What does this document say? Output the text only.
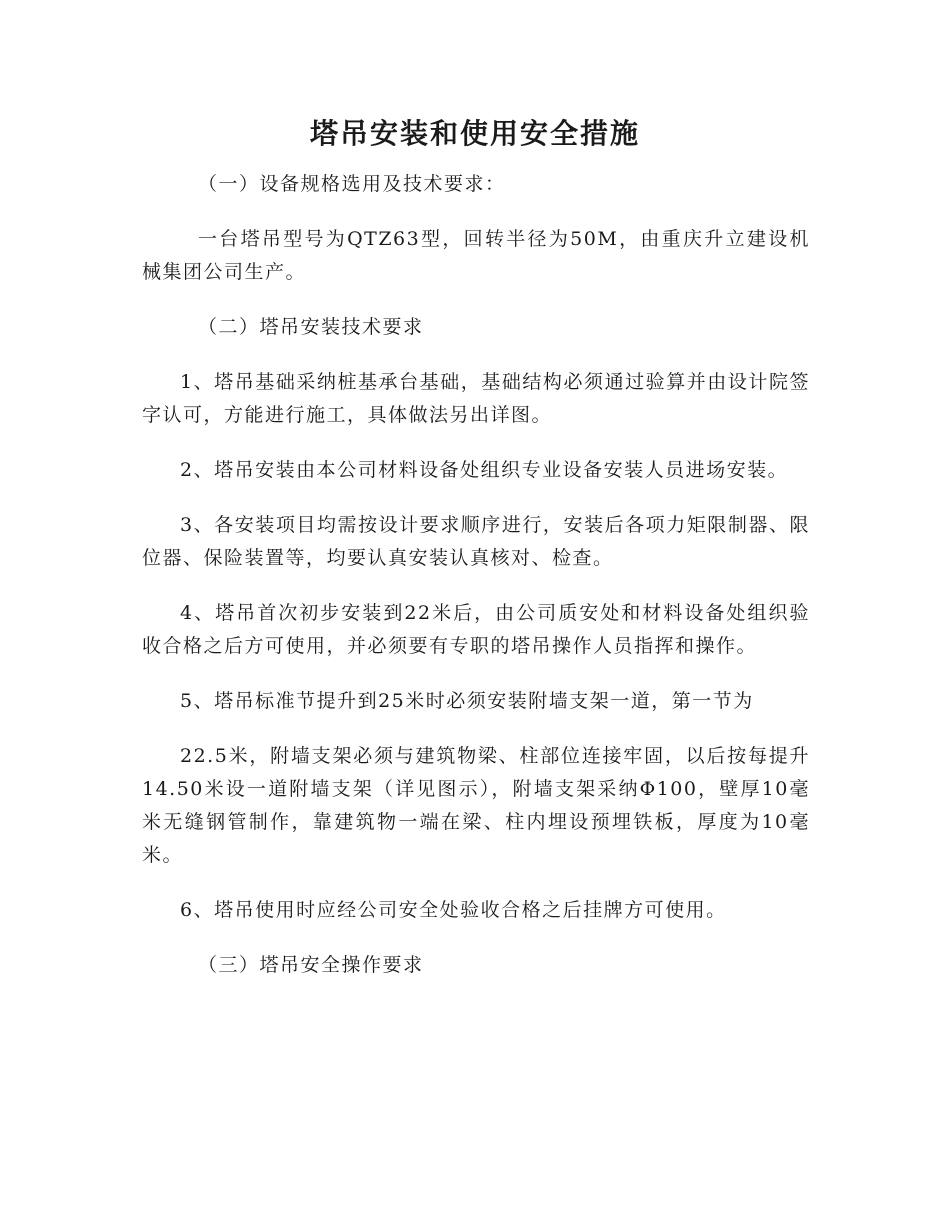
塔吊安装和使用安全措施

（一）设备规格选用及技术要求：

一台塔吊型号为QTZ63型，回转半径为50M，由重庆升立建设机械集团公司生产。

（二）塔吊安装技术要求

1、塔吊基础采纳桩基承台基础，基础结构必须通过验算并由设计院签字认可，方能进行施工，具体做法另出详图。

2、塔吊安装由本公司材料设备处组织专业设备安装人员进场安装。

3、各安装项目均需按设计要求顺序进行，安装后各项力矩限制器、限位器、保险装置等，均要认真安装认真核对、检查。

4、塔吊首次初步安装到22米后，由公司质安处和材料设备处组织验收合格之后方可使用，并必须要有专职的塔吊操作人员指挥和操作。

5、塔吊标准节提升到25米时必须安装附墙支架一道，第一节为

22.5米，附墙支架必须与建筑物梁、柱部位连接牢固，以后按每提升14.50米设一道附墙支架（详见图示），附墙支架采纳Φ100，壁厚10毫米无缝钢管制作，靠建筑物一端在梁、柱内埋设预埋铁板，厚度为10毫米。

6、塔吊使用时应经公司安全处验收合格之后挂牌方可使用。

（三）塔吊安全操作要求
